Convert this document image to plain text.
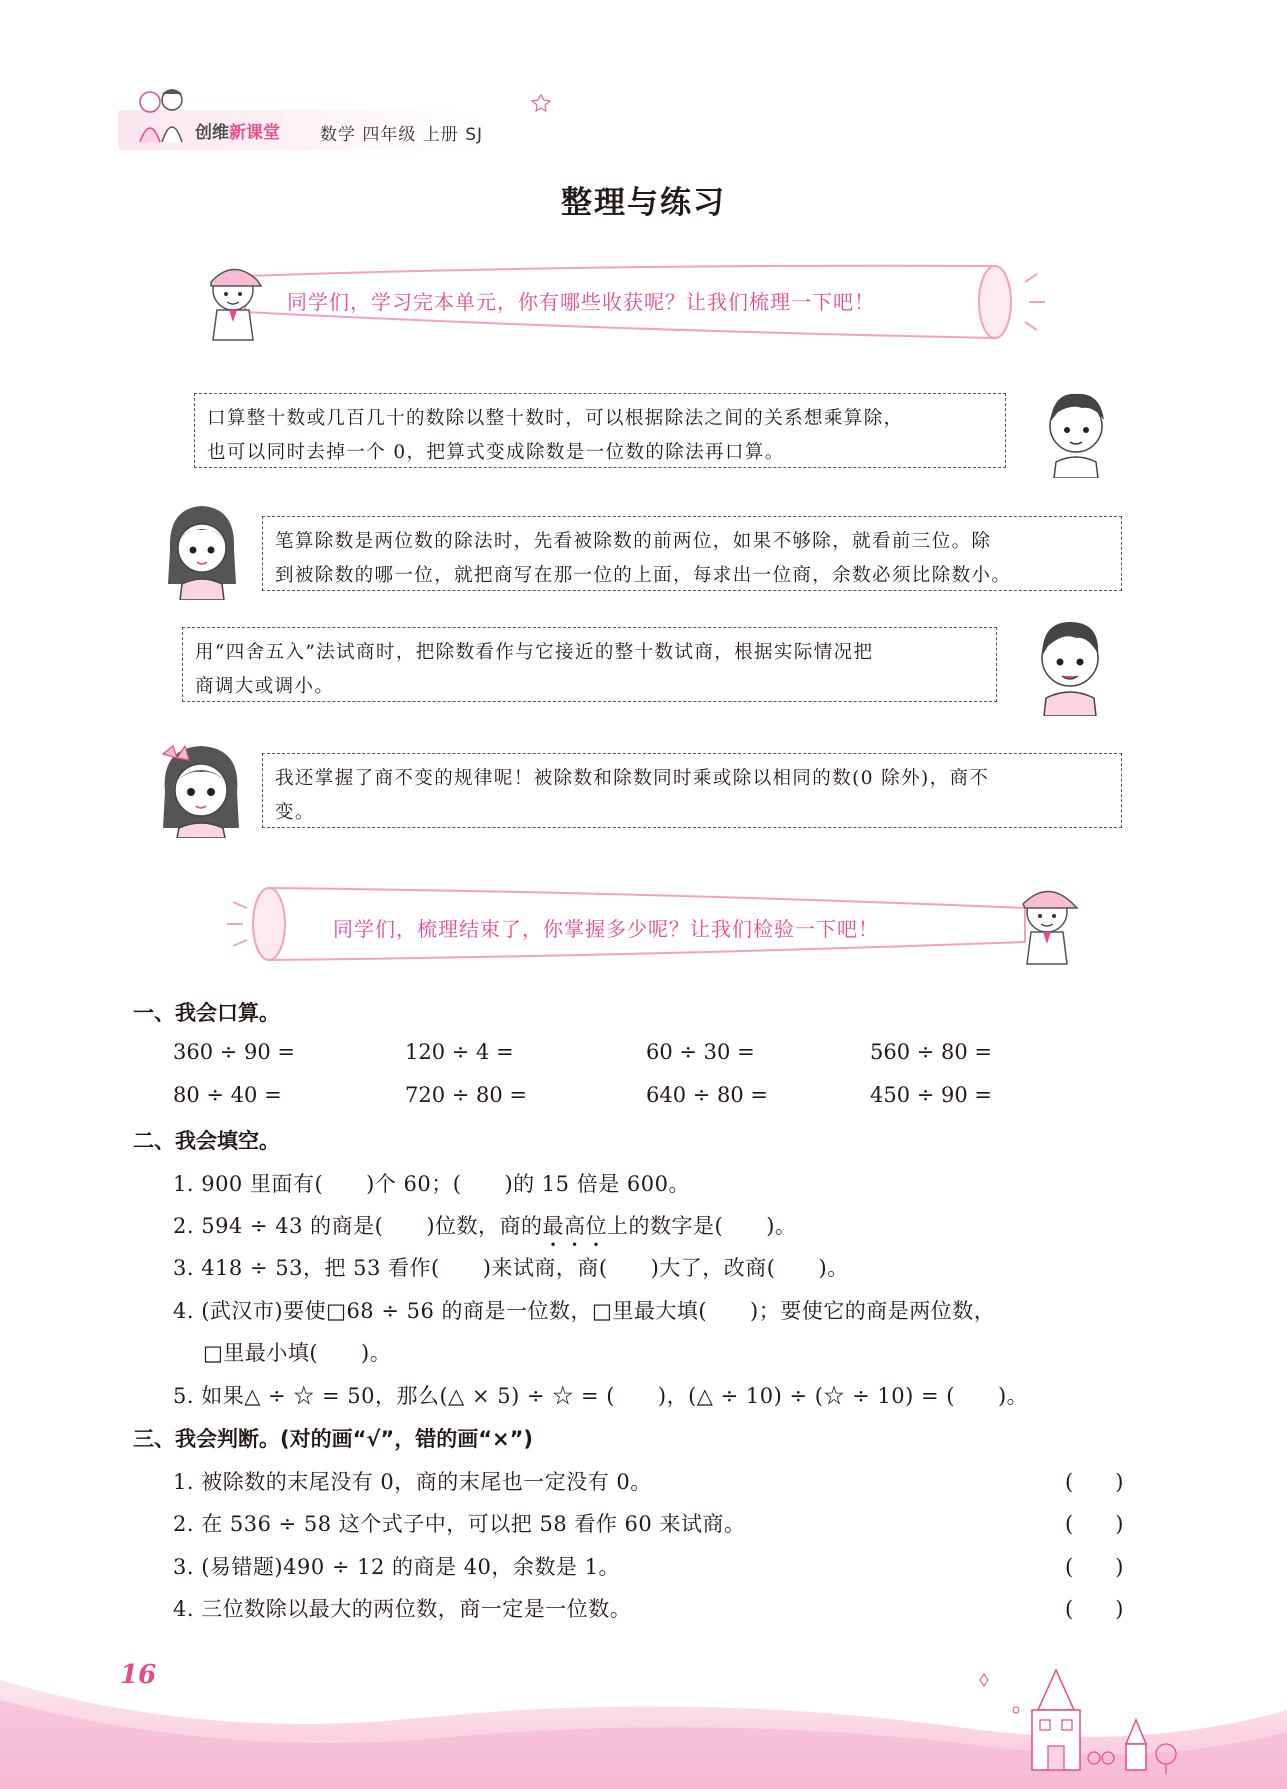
创维新课堂 数学 四年级 上册 SJ
整理与练习
同学们，学习完本单元，你有哪些收获呢？让我们梳理一下吧！
口算整十数或几百几十的数除以整十数时，可以根据除法之间的关系想乘算除，
也可以同时去掉一个 0，把算式变成除数是一位数的除法再口算。
笔算除数是两位数的除法时，先看被除数的前两位，如果不够除，就看前三位。除
到被除数的哪一位，就把商写在那一位的上面，每求出一位商，余数必须比除数小。
用“四舍五入”法试商时，把除数看作与它接近的整十数试商，根据实际情况把
商调大或调小。
我还掌握了商不变的规律呢！被除数和除数同时乘或除以相同的数(0 除外)，商不
变。
同学们，梳理结束了，你掌握多少呢？让我们检验一下吧！
一、我会口算。
360 ÷ 90 =	120 ÷ 4 =	60 ÷ 30 =	560 ÷ 80 =
80 ÷ 40 =	720 ÷ 80 =	640 ÷ 80 =	450 ÷ 90 =
二、我会填空。
1. 900 里面有(　　)个 60；(　　)的 15 倍是 600。
2. 594 ÷ 43 的商是(　　)位数，商的最高位上的数字是(　　)。
3. 418 ÷ 53，把 53 看作(　　)来试商，商(　　)大了，改商(　　)。
4. (武汉市)要使□68 ÷ 56 的商是一位数，□里最大填(　　)；要使它的商是两位数，
□里最小填(　　)。
5. 如果△ ÷ ☆ = 50，那么(△ × 5) ÷ ☆ = (　　)，(△ ÷ 10) ÷ (☆ ÷ 10) = (　　)。
三、我会判断。(对的画“√”，错的画“×”)
1. 被除数的末尾没有 0，商的末尾也一定没有 0。	(　　)
2. 在 536 ÷ 58 这个式子中，可以把 58 看作 60 来试商。	(　　)
3. (易错题)490 ÷ 12 的商是 40，余数是 1。	(　　)
4. 三位数除以最大的两位数，商一定是一位数。	(　　)
16
